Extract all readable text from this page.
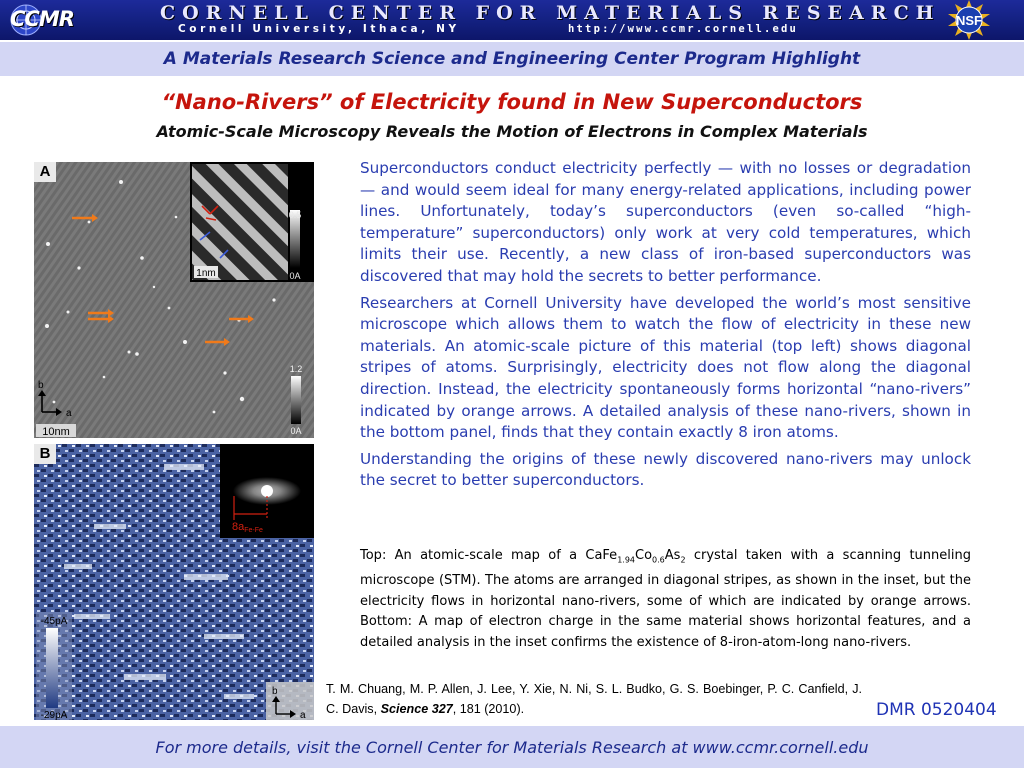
CCMR	CORNELL CENTER FOR MATERIALS RESEARCH
Cornell University, Ithaca, NY	http://www.ccmr.cornell.edu
NSF
A Materials Research Science and Engineering Center Program Highlight
“Nano-Rivers” of Electricity found in New Superconductors
Atomic-Scale Microscopy Reveals the Motion of Electrons in Complex Materials
1nm
0.5
0A
1.2
0A
b
a
10nm
A
8aFe-Fe
-45pA
-29pA
b
a
B

Superconductors conduct electricity perfectly — with no losses or degradation — and would seem ideal for many energy-related applications, including power lines. Unfortunately, today’s superconductors (even so-called “high-temperature” superconductors) only work at very cold temperatures, which limits their use. Recently, a new class of iron-based superconductors was discovered that may hold the secrets to better performance.

Researchers at Cornell University have developed the world’s most sensitive microscope which allows them to watch the flow of electricity in these new materials. An atomic-scale picture of this material (top left) shows diagonal stripes of atoms. Surprisingly, electricity does not flow along the diagonal direction. Instead, the electricity spontaneously forms horizontal “nano-rivers” indicated by orange arrows. A detailed analysis of these nano-rivers, shown in the bottom panel, finds that they contain exactly 8 iron atoms.

Understanding the origins of these newly discovered nano-rivers may unlock the secret to better superconductors.

Top: An atomic-scale map of a $CaFe_{1.94}Co_{0.6}As_2$ crystal taken with a scanning tunneling microscope (STM). The atoms are arranged in diagonal stripes, as shown in the inset, but the electricity flows in horizontal nano-rivers, some of which are indicated by orange arrows. Bottom: A map of electron charge in the same material shows horizontal features, and a detailed analysis in the inset confirms the existence of 8-iron-atom-long nano-rivers.
T. M. Chuang, M. P. Allen, J. Lee, Y. Xie, N. Ni, S. L. Budko, G. S. Boebinger, P. C. Canfield, J. C. Davis, Science 327, 181 (2010).	DMR 0520404
For more details, visit the Cornell Center for Materials Research at www.ccmr.cornell.edu
